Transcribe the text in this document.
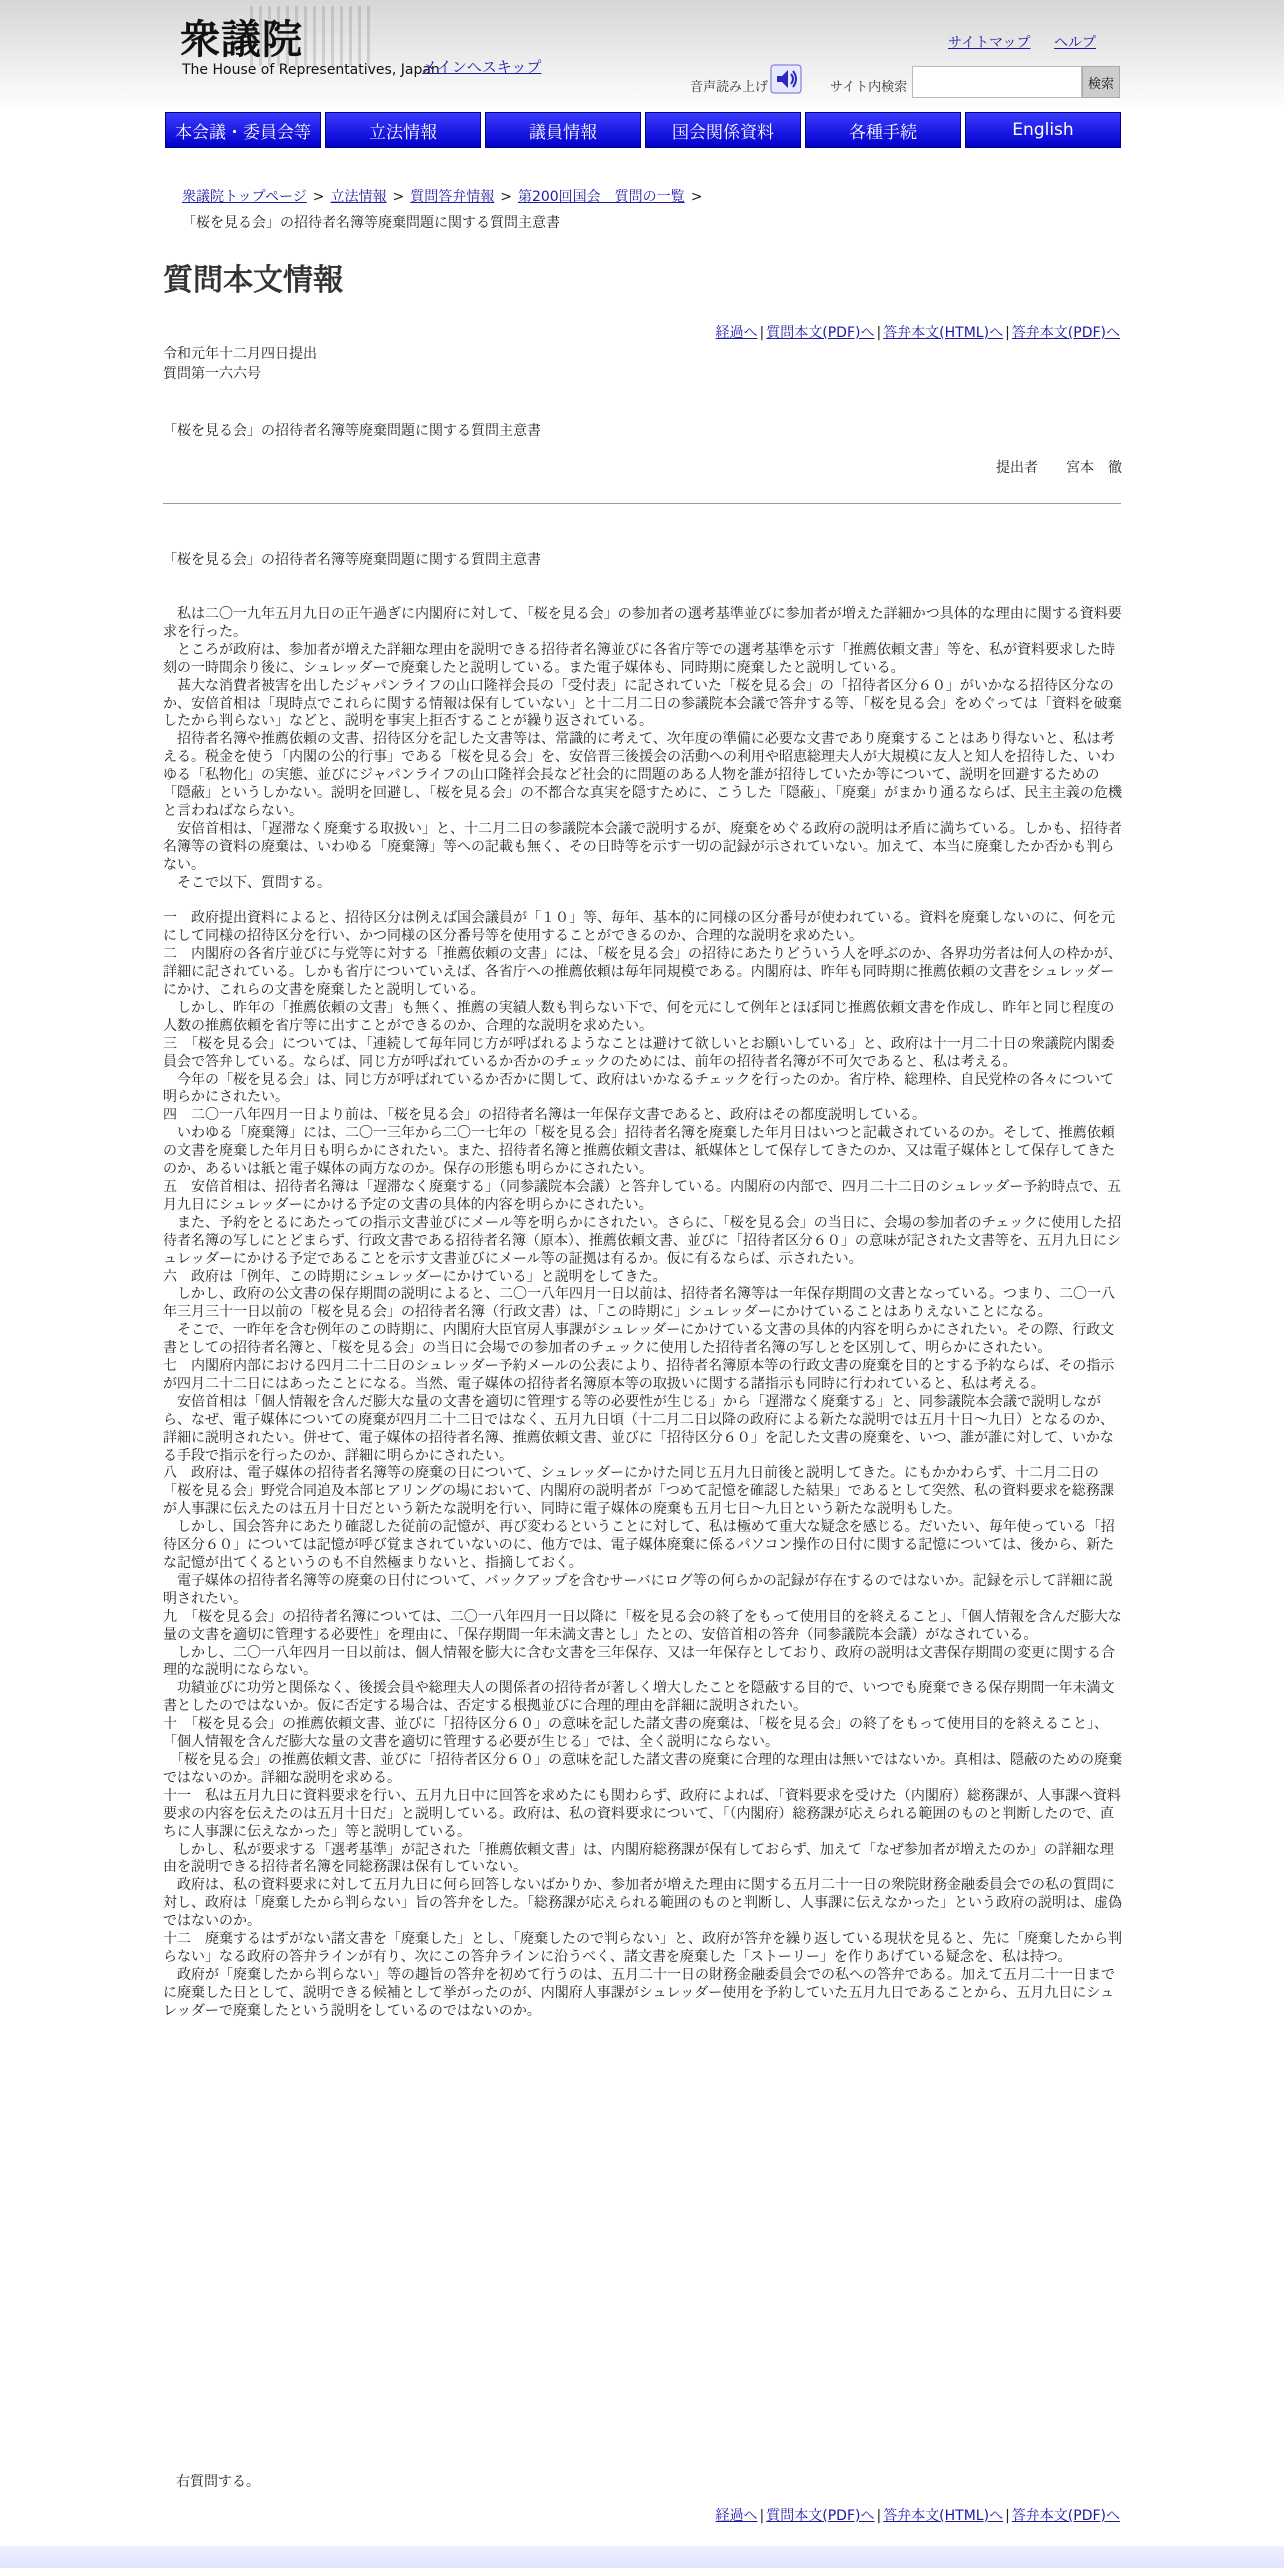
衆議院
The House of Representatives, Japan
メインへスキップ
サイトマップ ヘルプ
音声読み上げ	サイト内検索	検索
本会議・委員会等	立法情報	議員情報	国会関係資料	各種手続	English
衆議院トップページ > 立法情報 > 質問答弁情報 > 第200回国会　質問の一覧 >
「桜を見る会」の招待者名簿等廃棄問題に関する質問主意書
質問本文情報
経過へ | 質問本文(PDF)へ | 答弁本文(HTML)へ | 答弁本文(PDF)へ
令和元年十二月四日提出
質問第一六六号
「桜を見る会」の招待者名簿等廃棄問題に関する質問主意書
提出者　　宮本　徹
「桜を見る会」の招待者名簿等廃棄問題に関する質問主意書

　私は二〇一九年五月九日の正午過ぎに内閣府に対して、「桜を見る会」の参加者の選考基準並びに参加者が増えた詳細かつ具体的な理由に関する資料要求を行った。

　ところが政府は、参加者が増えた詳細な理由を説明できる招待者名簿並びに各省庁等での選考基準を示す「推薦依頼文書」等を、私が資料要求した時刻の一時間余り後に、シュレッダーで廃棄したと説明している。また電子媒体も、同時期に廃棄したと説明している。

　甚大な消費者被害を出したジャパンライフの山口隆祥会長の「受付表」に記されていた「桜を見る会」の「招待者区分６０」がいかなる招待区分なのか、安倍首相は「現時点でこれらに関する情報は保有していない」と十二月二日の参議院本会議で答弁する等、「桜を見る会」をめぐっては「資料を破棄したから判らない」などと、説明を事実上拒否することが繰り返されている。

　招待者名簿や推薦依頼の文書、招待区分を記した文書等は、常識的に考えて、次年度の準備に必要な文書であり廃棄することはあり得ないと、私は考える。税金を使う「内閣の公的行事」である「桜を見る会」を、安倍晋三後援会の活動への利用や昭恵総理夫人が大規模に友人と知人を招待した、いわゆる「私物化」の実態、並びにジャパンライフの山口隆祥会長など社会的に問題のある人物を誰が招待していたか等について、説明を回避するための「隠蔽」というしかない。説明を回避し、「桜を見る会」の不都合な真実を隠すために、こうした「隠蔽」、「廃棄」がまかり通るならば、民主主義の危機と言わねばならない。

　安倍首相は、「遅滞なく廃棄する取扱い」と、十二月二日の参議院本会議で説明するが、廃棄をめぐる政府の説明は矛盾に満ちている。しかも、招待者名簿等の資料の廃棄は、いわゆる「廃棄簿」等への記載も無く、その日時等を示す一切の記録が示されていない。加えて、本当に廃棄したか否かも判らない。

　そこで以下、質問する。

一　政府提出資料によると、招待区分は例えば国会議員が「１０」等、毎年、基本的に同様の区分番号が使われている。資料を廃棄しないのに、何を元にして同様の招待区分を行い、かつ同様の区分番号等を使用することができるのか、合理的な説明を求めたい。

二　内閣府の各省庁並びに与党等に対する「推薦依頼の文書」には、「桜を見る会」の招待にあたりどういう人を呼ぶのか、各界功労者は何人の枠かが、詳細に記されている。しかも省庁についていえば、各省庁への推薦依頼は毎年同規模である。内閣府は、昨年も同時期に推薦依頼の文書をシュレッダーにかけ、これらの文書を廃棄したと説明している。

　しかし、昨年の「推薦依頼の文書」も無く、推薦の実績人数も判らない下で、何を元にして例年とほぼ同じ推薦依頼文書を作成し、昨年と同じ程度の人数の推薦依頼を省庁等に出すことができるのか、合理的な説明を求めたい。

三　「桜を見る会」については、「連続して毎年同じ方が呼ばれるようなことは避けて欲しいとお願いしている」と、政府は十一月二十日の衆議院内閣委員会で答弁している。ならば、同じ方が呼ばれているか否かのチェックのためには、前年の招待者名簿が不可欠であると、私は考える。

　今年の「桜を見る会」は、同じ方が呼ばれているか否かに関して、政府はいかなるチェックを行ったのか。省庁枠、総理枠、自民党枠の各々について明らかにされたい。

四　二〇一八年四月一日より前は、「桜を見る会」の招待者名簿は一年保存文書であると、政府はその都度説明している。

　いわゆる「廃棄簿」には、二〇一三年から二〇一七年の「桜を見る会」招待者名簿を廃棄した年月日はいつと記載されているのか。そして、推薦依頼の文書を廃棄した年月日も明らかにされたい。また、招待者名簿と推薦依頼文書は、紙媒体として保存してきたのか、又は電子媒体として保存してきたのか、あるいは紙と電子媒体の両方なのか。保存の形態も明らかにされたい。

五　安倍首相は、招待者名簿は「遅滞なく廃棄する」（同参議院本会議）と答弁している。内閣府の内部で、四月二十二日のシュレッダー予約時点で、五月九日にシュレッダーにかける予定の文書の具体的内容を明らかにされたい。

　また、予約をとるにあたっての指示文書並びにメール等を明らかにされたい。さらに、「桜を見る会」の当日に、会場の参加者のチェックに使用した招待者名簿の写しにとどまらず、行政文書である招待者名簿（原本）、推薦依頼文書、並びに「招待者区分６０」の意味が記された文書等を、五月九日にシュレッダーにかける予定であることを示す文書並びにメール等の証拠は有るか。仮に有るならば、示されたい。

六　政府は「例年、この時期にシュレッダーにかけている」と説明をしてきた。

　しかし、政府の公文書の保存期間の説明によると、二〇一八年四月一日以前は、招待者名簿等は一年保存期間の文書となっている。つまり、二〇一八年三月三十一日以前の「桜を見る会」の招待者名簿（行政文書）は、「この時期に」シュレッダーにかけていることはありえないことになる。

　そこで、一昨年を含む例年のこの時期に、内閣府大臣官房人事課がシュレッダーにかけている文書の具体的内容を明らかにされたい。その際、行政文書としての招待者名簿と、「桜を見る会」の当日に会場での参加者のチェックに使用した招待者名簿の写しとを区別して、明らかにされたい。

七　内閣府内部における四月二十二日のシュレッダー予約メールの公表により、招待者名簿原本等の行政文書の廃棄を目的とする予約ならば、その指示が四月二十二日にはあったことになる。当然、電子媒体の招待者名簿原本等の取扱いに関する諸指示も同時に行われていると、私は考える。

　安倍首相は「個人情報を含んだ膨大な量の文書を適切に管理する等の必要性が生じる」から「遅滞なく廃棄する」と、同参議院本会議で説明しながら、なぜ、電子媒体についての廃棄が四月二十二日ではなく、五月九日頃（十二月二日以降の政府による新たな説明では五月十日～九日）となるのか、詳細に説明されたい。併せて、電子媒体の招待者名簿、推薦依頼文書、並びに「招待区分６０」を記した文書の廃棄を、いつ、誰が誰に対して、いかなる手段で指示を行ったのか、詳細に明らかにされたい。

八　政府は、電子媒体の招待者名簿等の廃棄の日について、シュレッダーにかけた同じ五月九日前後と説明してきた。にもかかわらず、十二月二日の「桜を見る会」野党合同追及本部ヒアリングの場において、内閣府の説明者が「つめて記憶を確認した結果」であるとして突然、私の資料要求を総務課が人事課に伝えたのは五月十日だという新たな説明を行い、同時に電子媒体の廃棄も五月七日～九日という新たな説明もした。

　しかし、国会答弁にあたり確認した従前の記憶が、再び変わるということに対して、私は極めて重大な疑念を感じる。だいたい、毎年使っている「招待区分６０」については記憶が呼び覚まされていないのに、他方では、電子媒体廃棄に係るパソコン操作の日付に関する記憶については、後から、新たな記憶が出てくるというのも不自然極まりないと、指摘しておく。

　電子媒体の招待者名簿等の廃棄の日付について、バックアップを含むサーバにログ等の何らかの記録が存在するのではないか。記録を示して詳細に説明されたい。

九　「桜を見る会」の招待者名簿については、二〇一八年四月一日以降に「桜を見る会の終了をもって使用目的を終えること」、「個人情報を含んだ膨大な量の文書を適切に管理する必要性」を理由に、「保存期間一年未満文書とし」たとの、安倍首相の答弁（同参議院本会議）がなされている。

　しかし、二〇一八年四月一日以前は、個人情報を膨大に含む文書を三年保存、又は一年保存としており、政府の説明は文書保存期間の変更に関する合理的な説明にならない。

　功績並びに功労と関係なく、後援会員や総理夫人の関係者の招待者が著しく増大したことを隠蔽する目的で、いつでも廃棄できる保存期間一年未満文書としたのではないか。仮に否定する場合は、否定する根拠並びに合理的理由を詳細に説明されたい。

十　「桜を見る会」の推薦依頼文書、並びに「招待区分６０」の意味を記した諸文書の廃棄は、「桜を見る会」の終了をもって使用目的を終えること」、「個人情報を含んだ膨大な量の文書を適切に管理する必要が生じる」では、全く説明にならない。

　「桜を見る会」の推薦依頼文書、並びに「招待者区分６０」の意味を記した諸文書の廃棄に合理的な理由は無いではないか。真相は、隠蔽のための廃棄ではないのか。詳細な説明を求める。

十一　私は五月九日に資料要求を行い、五月九日中に回答を求めたにも関わらず、政府によれば、「資料要求を受けた（内閣府）総務課が、人事課へ資料要求の内容を伝えたのは五月十日だ」と説明している。政府は、私の資料要求について、「（内閣府）総務課が応えられる範囲のものと判断したので、直ちに人事課に伝えなかった」等と説明している。

　しかし、私が要求する「選考基準」が記された「推薦依頼文書」は、内閣府総務課が保有しておらず、加えて「なぜ参加者が増えたのか」の詳細な理由を説明できる招待者名簿を同総務課は保有していない。

　政府は、私の資料要求に対して五月九日に何ら回答しないばかりか、参加者が増えた理由に関する五月二十一日の衆院財務金融委員会での私の質問に対し、政府は「廃棄したから判らない」旨の答弁をした。「総務課が応えられる範囲のものと判断し、人事課に伝えなかった」という政府の説明は、虚偽ではないのか。

十二　廃棄するはずがない諸文書を「廃棄した」とし、「廃棄したので判らない」と、政府が答弁を繰り返している現状を見ると、先に「廃棄したから判らない」なる政府の答弁ラインが有り、次にこの答弁ラインに沿うべく、諸文書を廃棄した「ストーリー」を作りあげている疑念を、私は持つ。

　政府が「廃棄したから判らない」等の趣旨の答弁を初めて行うのは、五月二十一日の財務金融委員会での私への答弁である。加えて五月二十一日までに廃棄した日として、説明できる候補として挙がったのが、内閣府人事課がシュレッダー使用を予約していた五月九日であることから、五月九日にシュレッダーで廃棄したという説明をしているのではないのか。

右質問する。
経過へ | 質問本文(PDF)へ | 答弁本文(HTML)へ | 答弁本文(PDF)へ
